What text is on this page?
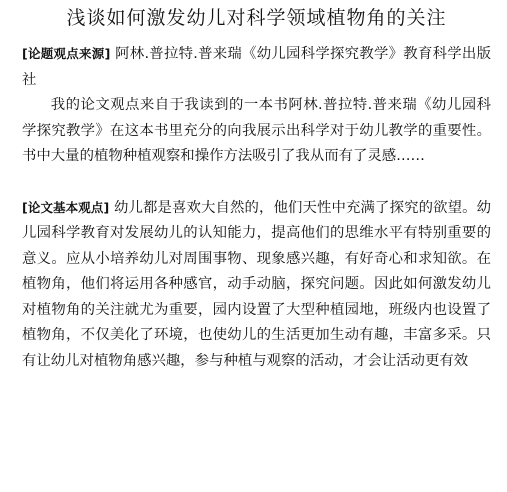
浅谈如何激发幼儿对科学领域植物角的关注

[论题观点来源] 阿林.普拉特.普来瑞《幼儿园科学探究教学》教育科学出版社

我的论文观点来自于我读到的一本书阿林.普拉特.普来瑞《幼儿园科学探究教学》在这本书里充分的向我展示出科学对于幼儿教学的重要性。书中大量的植物种植观察和操作方法吸引了我从而有了灵感……

[论文基本观点] 幼儿都是喜欢大自然的，他们天性中充满了探究的欲望。幼儿园科学教育对发展幼儿的认知能力，提高他们的思维水平有特别重要的意义。应从小培养幼儿对周围事物、现象感兴趣，有好奇心和求知欲。在植物角，他们将运用各种感官，动手动脑，探究问题。因此如何激发幼儿对植物角的关注就尤为重要，园内设置了大型种植园地，班级内也设置了植物角，不仅美化了环境，也使幼儿的生活更加生动有趣，丰富多采。只有让幼儿对植物角感兴趣，参与种植与观察的活动，才会让活动更有效
